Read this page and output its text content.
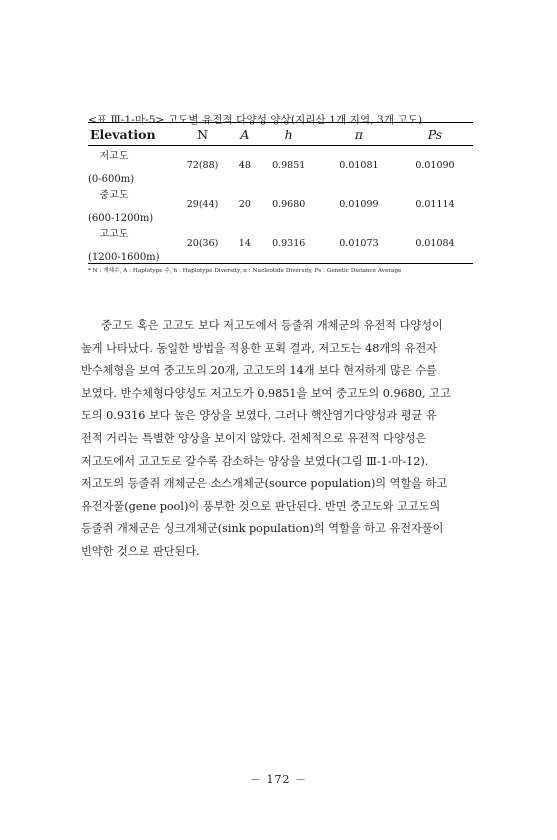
<표 Ⅲ-1-마-5> 고도별 유전적 다양성 양상(지리산 1개 지역, 3개 고도)
Elevation	N	A	h	π	Ps

저고도
(0-600m)	72(88)	48	0.9851	0.01081	0.01090

중고도
(600-1200m)	29(44)	20	0.9680	0.01099	0.01114

고고도
(1200-1600m)	20(36)	14	0.9316	0.01073	0.01084
* N : 개체수, A : Haplotype 수, h : Haplotype Diversity, π : Nucleotide Diversity, Ps : Genetic Distance Average
중고도 혹은 고고도 보다 저고도에서 등줄쥐 개체군의 유전적 다양성이
높게 나타났다. 동일한 방법을 적용한 포획 결과, 저고도는 48개의 유전자
반수체형을 보여 중고도의 20개, 고고도의 14개 보다 현저하게 많은 수를
보였다. 반수체형다양성도 저고도가 0.9851을 보여 중고도의 0.9680, 고고
도의 0.9316 보다 높은 양상을 보였다. 그러나 핵산염기다양성과 평균 유
전적 거리는 특별한 양상을 보이지 않았다. 전체적으로 유전적 다양성은
저고도에서 고고도로 갈수록 감소하는 양상을 보였다(그림 Ⅲ-1-마-12).
저고도의 등줄쥐 개체군은 소스개체군(source population)의 역할을 하고
유전자풀(gene pool)이 풍부한 것으로 판단된다. 반면 중고도와 고고도의
등줄쥐 개체군은 싱크개체군(sink population)의 역할을 하고 유전자풀이
빈약한 것으로 판단된다.
－ 172 －
